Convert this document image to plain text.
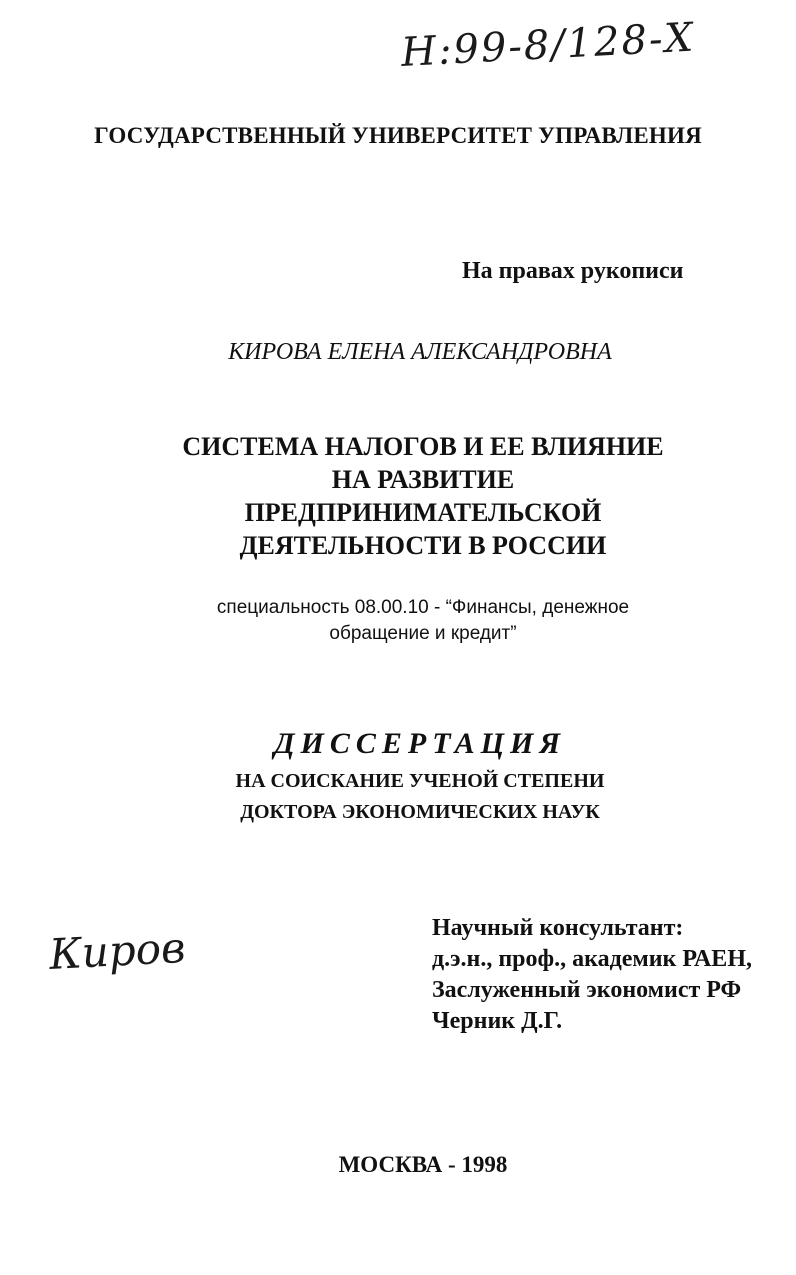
Н:99-8/128-Х
ГОСУДАРСТВЕННЫЙ УНИВЕРСИТЕТ УПРАВЛЕНИЯ
На правах рукописи
КИРОВА ЕЛЕНА АЛЕКСАНДРОВНА
СИСТЕМА НАЛОГОВ И ЕЕ ВЛИЯНИЕ
НА РАЗВИТИЕ
ПРЕДПРИНИМАТЕЛЬСКОЙ
ДЕЯТЕЛЬНОСТИ В РОССИИ
специальность 08.00.10 - “Финансы, денежное
обращение и кредит”
ДИССЕРТАЦИЯ
НА СОИСКАНИЕ УЧЕНОЙ СТЕПЕНИ
ДОКТОРА ЭКОНОМИЧЕСКИХ НАУК
Научный консультант:
д.э.н., проф., академик РАЕН,
Заслуженный экономист РФ
Черник Д.Г.
Киров
МОСКВА - 1998
